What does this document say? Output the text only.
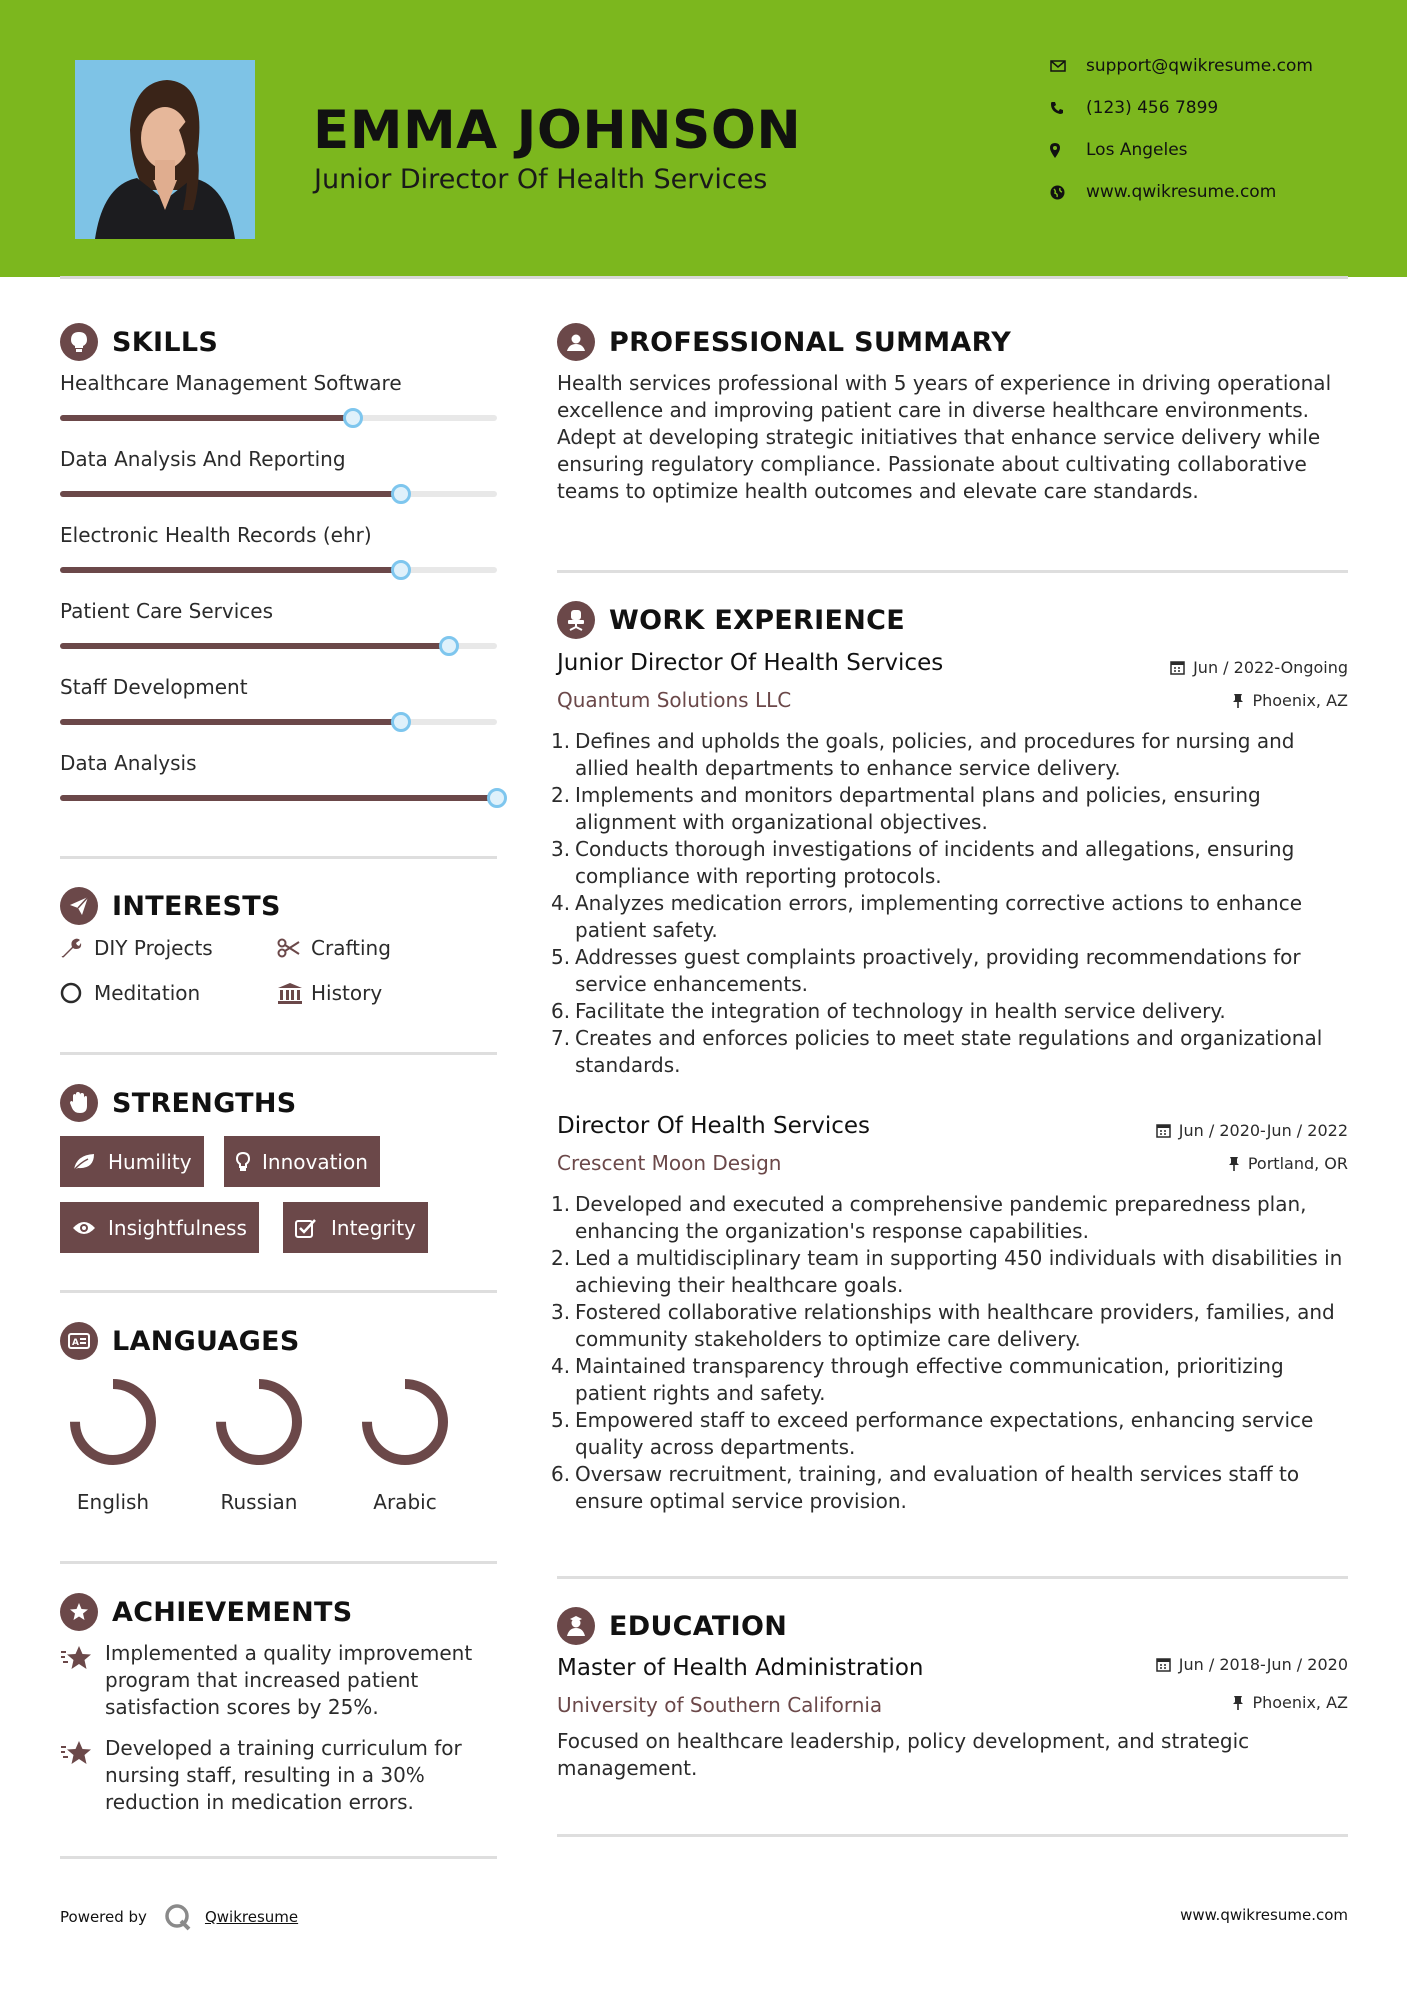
EMMA JOHNSON
Junior Director Of Health Services
support@qwikresume.com
(123) 456 7899
Los Angeles
www.qwikresume.com
SKILLS
Healthcare Management Software
Data Analysis And Reporting
Electronic Health Records (ehr)
Patient Care Services
Staff Development
Data Analysis
INTERESTS
DIY Projects	Crafting
Meditation	History
STRENGTHS
Humility	Innovation
Insightfulness	Integrity
A LANGUAGES
English	Russian	Arabic
ACHIEVEMENTS
Implemented a quality improvement program that increased patient satisfaction scores by 25%.
Developed a training curriculum for nursing staff, resulting in a 30% reduction in medication errors.
PROFESSIONAL SUMMARY
Health services professional with 5 years of experience in driving operational excellence and improving patient care in diverse healthcare environments. Adept at developing strategic initiatives that enhance service delivery while ensuring regulatory compliance. Passionate about cultivating collaborative teams to optimize health outcomes and elevate care standards.
WORK EXPERIENCE
Junior Director Of Health Services	Jun / 2022-Ongoing
Quantum Solutions LLC	Phoenix, AZ
1. Defines and upholds the goals, policies, and procedures for nursing and allied health departments to enhance service delivery.
2. Implements and monitors departmental plans and policies, ensuring alignment with organizational objectives.
3. Conducts thorough investigations of incidents and allegations, ensuring compliance with reporting protocols.
4. Analyzes medication errors, implementing corrective actions to enhance patient safety.
5. Addresses guest complaints proactively, providing recommendations for service enhancements.
6. Facilitate the integration of technology in health service delivery.
7. Creates and enforces policies to meet state regulations and organizational standards.
Director Of Health Services	Jun / 2020-Jun / 2022
Crescent Moon Design	Portland, OR
1. Developed and executed a comprehensive pandemic preparedness plan, enhancing the organization's response capabilities.
2. Led a multidisciplinary team in supporting 450 individuals with disabilities in achieving their healthcare goals.
3. Fostered collaborative relationships with healthcare providers, families, and community stakeholders to optimize care delivery.
4. Maintained transparency through effective communication, prioritizing patient rights and safety.
5. Empowered staff to exceed performance expectations, enhancing service quality across departments.
6. Oversaw recruitment, training, and evaluation of health services staff to ensure optimal service provision.
EDUCATION
Master of Health Administration	Jun / 2018-Jun / 2020
University of Southern California	Phoenix, AZ
Focused on healthcare leadership, policy development, and strategic management.
Powered by	Qwikresume	www.qwikresume.com
